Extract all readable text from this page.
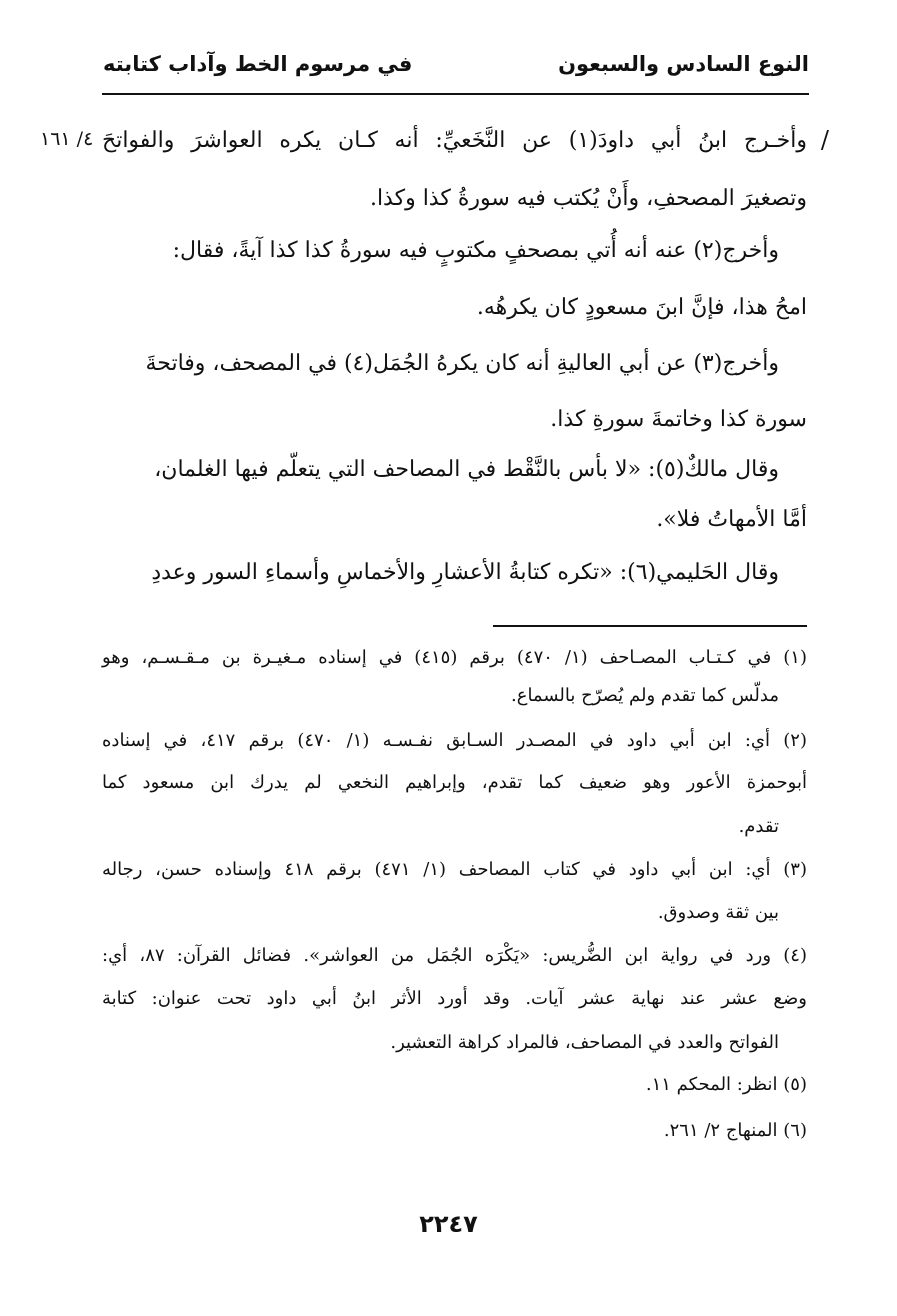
النوع السادس والسبعون
في مرسوم الخط وآداب كتابته
/
٤/ ١٦١ وأخـرج ابنُ أبي داودَ(١) عن النَّخَعيِّ: أنه كـان يكره العواشرَ والفواتحَ
وتصغيرَ المصحفِ، وأَنْ يُكتب فيه سورةُ كذا وكذا.
وأخرج(٢) عنه أنه أُتي بمصحفٍ مكتوبٍ فيه سورةُ كذا كذا آيةً، فقال:
امحُ هذا، فإنَّ ابنَ مسعودٍ كان يكرهُه.
وأخرج(٣) عن أبي العاليةِ أنه كان يكرهُ الجُمَل(٤) في المصحف، وفاتحةَ
سورة كذا وخاتمةَ سورةِ كذا.
وقال مالكٌ(٥): «لا بأس بالنَّقْط في المصاحف التي يتعلّم فيها الغلمان،
أمَّا الأمهاتُ فلا».
وقال الحَليمي(٦): «تكره كتابةُ الأعشارِ والأخماسِ وأسماءِ السور وعددِ
(١) في كـتـاب المصـاحف (١/ ٤٧٠) برقم (٤١٥) في إسناده مـغيـرة بن مـقـسـم، وهو
مدلّس كما تقدم ولم يُصرّح بالسماع.
(٢) أي: ابن أبي داود في المصـدر السـابق نفـسـه (١/ ٤٧٠) برقم ٤١٧، في إسناده
أبوحمزة الأعور وهو ضعيف كما تقدم، وإبراهيم النخعي لم يدرك ابن مسعود كما
تقدم.
(٣) أي: ابن أبي داود في كتاب المصاحف (١/ ٤٧١) برقم ٤١٨ وإسناده حسن، رجاله
بين ثقة وصدوق.
(٤) ورد في رواية ابن الضُّريس: «يَكْرَه الجُمَل من العواشر». فضائل القرآن: ٨٧، أي:
وضع عشر عند نهاية عشر آيات. وقد أورد الأثر ابنُ أبي داود تحت عنوان: كتابة
الفواتح والعدد في المصاحف، فالمراد كراهة التعشير.
(٥) انظر: المحكم ١١.
(٦) المنهاج ٢/ ٢٦١.
٢٢٤٧
